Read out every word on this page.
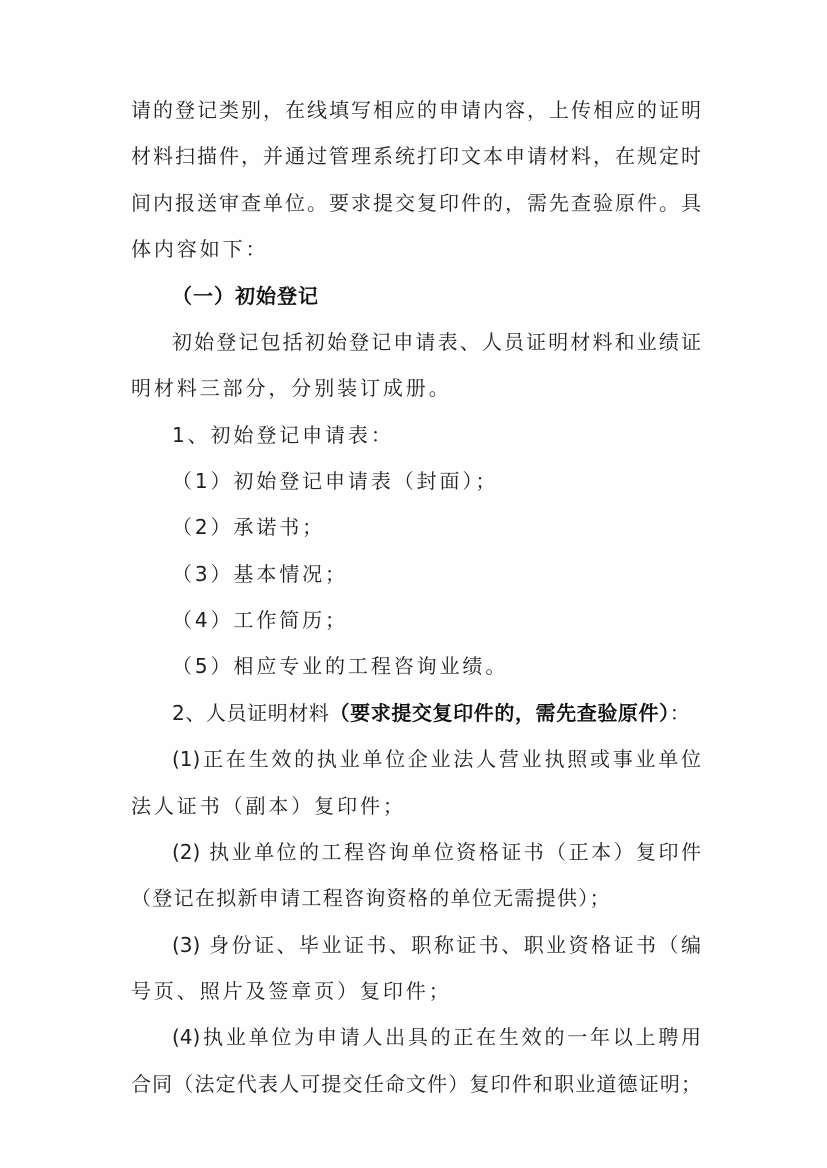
请的登记类别，在线填写相应的申请内容，上传相应的证明
材料扫描件，并通过管理系统打印文本申请材料，在规定时
间内报送审查单位。要求提交复印件的，需先查验原件。具
体内容如下：
（一）初始登记
初始登记包括初始登记申请表、人员证明材料和业绩证
明材料三部分，分别装订成册。
1、初始登记申请表：
（1）初始登记申请表（封面）；
（2）承诺书；
（3）基本情况；
（4）工作简历；
（5）相应专业的工程咨询业绩。
2、人员证明材料（要求提交复印件的，需先查验原件）：
(1)正在生效的执业单位企业法人营业执照或事业单位
法人证书（副本）复印件；
(2) 执业单位的工程咨询单位资格证书（正本）复印件
（登记在拟新申请工程咨询资格的单位无需提供）；
(3) 身份证、毕业证书、职称证书、职业资格证书（编
号页、照片及签章页）复印件；
(4)执业单位为申请人出具的正在生效的一年以上聘用
合同（法定代表人可提交任命文件）复印件和职业道德证明；
